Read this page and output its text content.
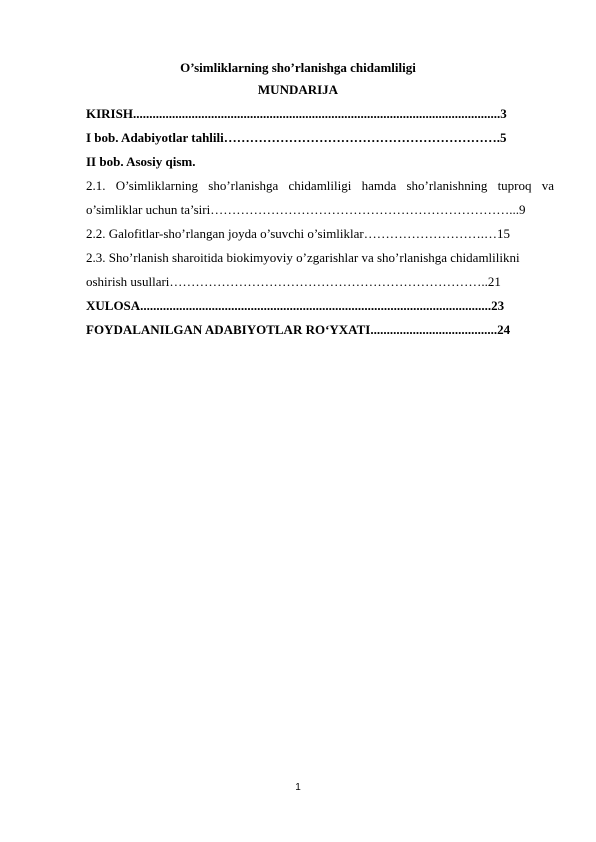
O’simliklarning sho’rlanishga chidamliligi
MUNDARIJA
KIRISH.................................................................................................................3
I bob. Adabiyotlar tahlili……………………………………………………….5
II bob. Asosiy qism.
2.1. O’simliklarning sho’rlanishga chidamliligi hamda sho’rlanishning tuproq va
o’simliklar uchun ta’siri……………………………………………………………...9
2.2. Galofitlar-sho’rlangan joyda o’suvchi o’simliklar……………………….…15
2.3. Sho’rlanish sharoitida biokimyoviy o’zgarishlar va sho’rlanishga chidamlilikni
oshirish usullari………………………………………………………………..21
XULOSA............................................................................................................23
FOYDALANILGAN ADABIYOTLAR RO‘YXATI.......................................24
1
